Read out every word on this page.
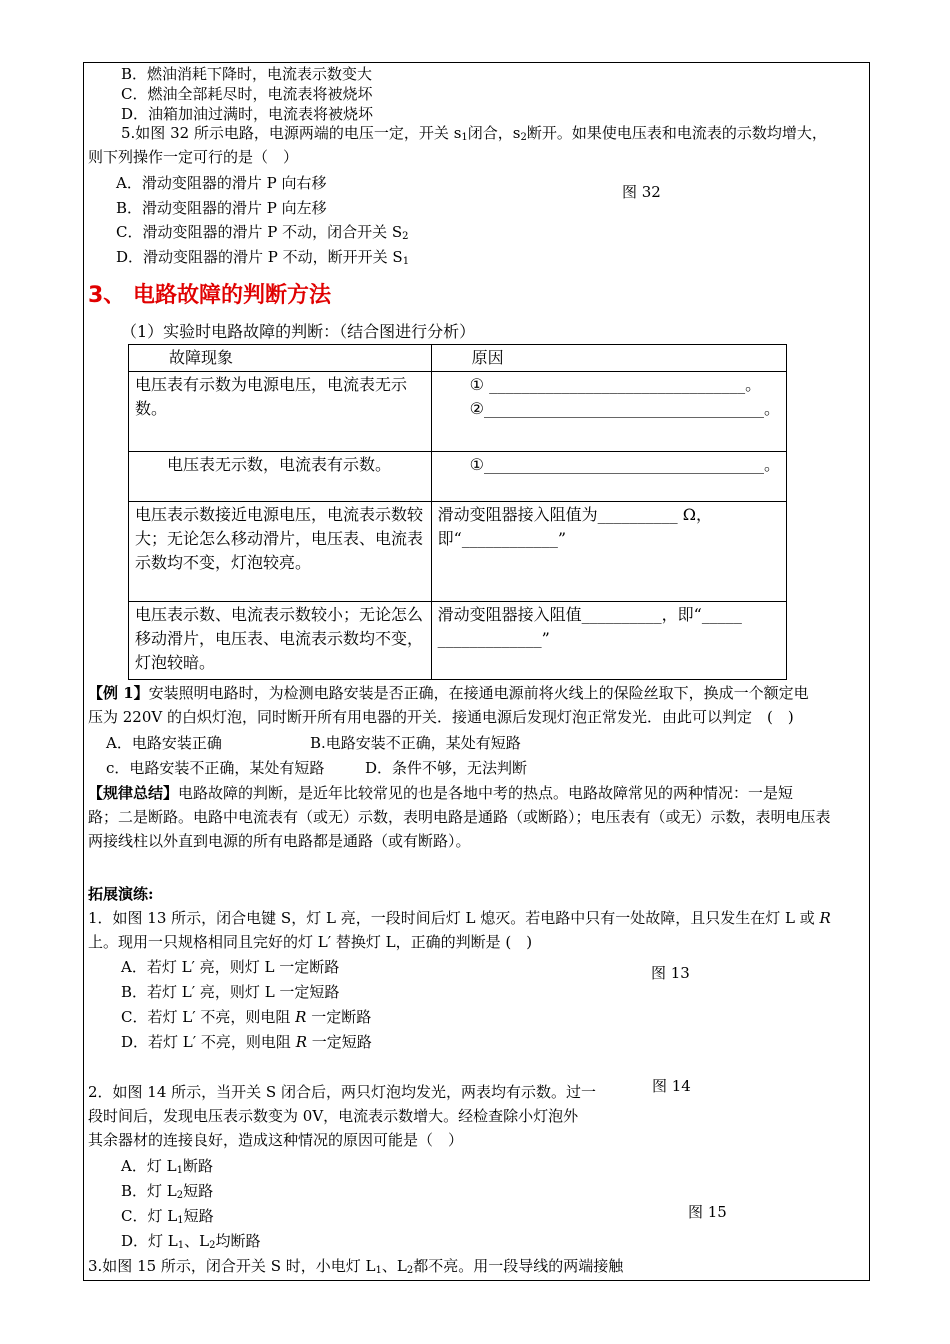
B．燃油消耗下降时，电流表示数变大
C．燃油全部耗尽时，电流表将被烧坏
D．油箱加油过满时，电流表将被烧坏
5.如图 32 所示电路，电源两端的电压一定，开关 $s_1$闭合，$s_2$断开。如果使电压表和电流表的示数均增大，
则下列操作一定可行的是（　）
A．滑动变阻器的滑片 P 向右移
B．滑动变阻器的滑片 P 向左移
C．滑动变阻器的滑片 P 不动，闭合开关 $S_2$
D．滑动变阻器的滑片 P 不动，断开开关 $S_1$
图 32
3、 电路故障的判断方法
（1）实验时电路故障的判断：（结合图进行分析）
故障现象	原因
电压表有示数为电源电压，电流表无示数。	① ________________________________。
②___________________________________。

　　电压表无示数，电流表有示数。	①___________________________________。
电压表示数接近电源电压，电流表示数较大；无论怎么移动滑片，电压表、电流表示数均不变，灯泡较亮。	滑动变阻器接入阻值为__________ Ω， 即“____________”
电压表示数、电流表示数较小；无论怎么移动滑片，电压表、电流表示数均不变，灯泡较暗。	滑动变阻器接入阻值__________，即“_____ _____________”
【例 1】安装照明电路时，为检测电路安装是否正确，在接通电源前将火线上的保险丝取下，换成一个额定电
压为 220V 的白炽灯泡，同时断开所有用电器的开关．接通电源后发现灯泡正常发光．由此可以判定　(　)
A．电路安装正确	B.电路安装不正确，某处有短路
c．电路安装不正确，某处有短路	D．条件不够，无法判断
【规律总结】电路故障的判断，是近年比较常见的也是各地中考的热点。电路故障常见的两种情况：一是短
路；二是断路。电路中电流表有（或无）示数，表明电路是通路（或断路）；电压表有（或无）示数，表明电压表
两接线柱以外直到电源的所有电路都是通路（或有断路）。
拓展演练:
1．如图 13 所示，闭合电键 S，灯 L 亮，一段时间后灯 L 熄灭。若电路中只有一处故障，且只发生在灯 L 或 R
上。现用一只规格相同且完好的灯 L′ 替换灯 L，正确的判断是 (　)
A．若灯 L′ 亮，则灯 L 一定断路
B．若灯 L′ 亮，则灯 L 一定短路
C．若灯 L′ 不亮，则电阻 R 一定断路
D．若灯 L′ 不亮，则电阻 R 一定短路
图 13
2．如图 14 所示，当开关 S 闭合后，两只灯泡均发光，两表均有示数。过一
段时间后，发现电压表示数变为 0V，电流表示数增大。经检查除小灯泡外
其余器材的连接良好，造成这种情况的原因可能是（　）
A．灯 $L_1$断路
B．灯 $L_2$短路
C．灯 $L_1$短路
D．灯 $L_1$、$L_2$均断路
图 14
图 15
3.如图 15 所示，闭合开关 S 时，小电灯 $L_1$、$L_2$都不亮。用一段导线的两端接触
